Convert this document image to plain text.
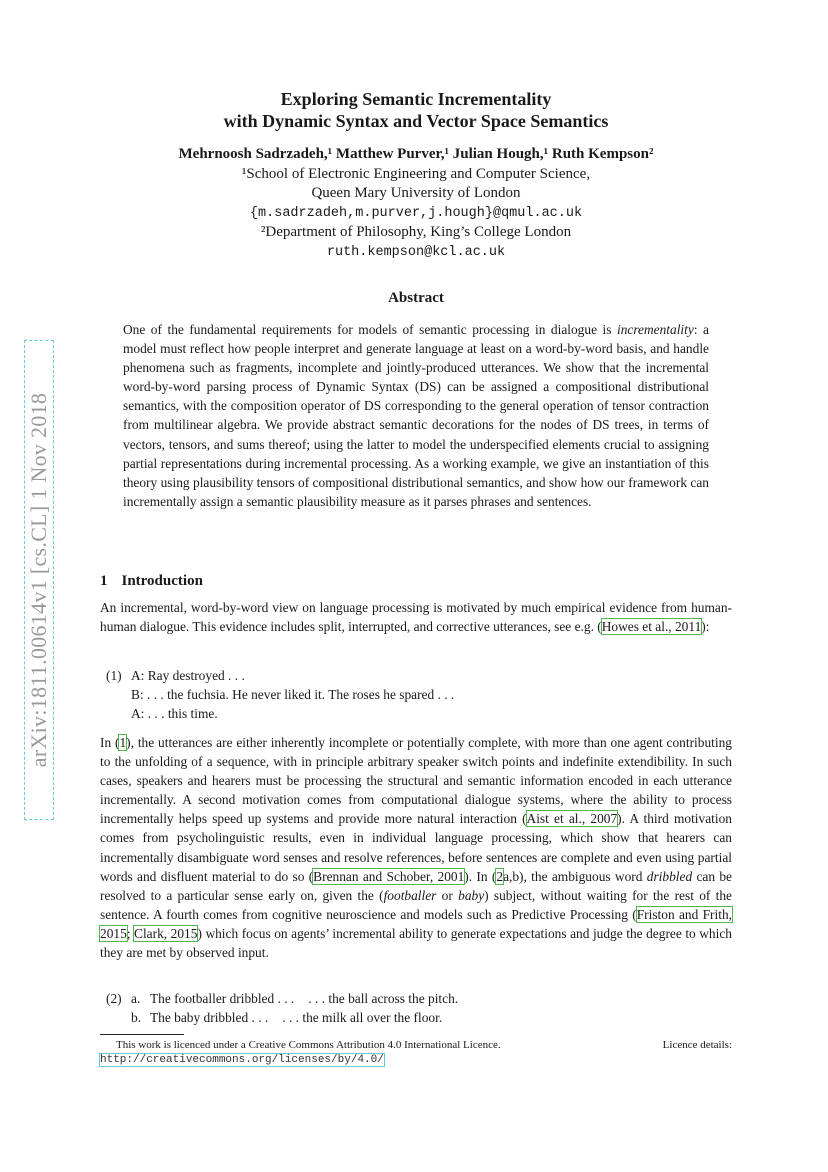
arXiv:1811.00614v1 [cs.CL] 1 Nov 2018
Exploring Semantic Incrementality
with Dynamic Syntax and Vector Space Semantics
Mehrnoosh Sadrzadeh,¹ Matthew Purver,¹ Julian Hough,¹ Ruth Kempson²
¹School of Electronic Engineering and Computer Science,
Queen Mary University of London
{m.sadrzadeh,m.purver,j.hough}@qmul.ac.uk
²Department of Philosophy, King’s College London
ruth.kempson@kcl.ac.uk
Abstract
One of the fundamental requirements for models of semantic processing in dialogue is incrementality: a model must reflect how people interpret and generate language at least on a word-by-word basis, and handle phenomena such as fragments, incomplete and jointly-produced utterances. We show that the incremental word-by-word parsing process of Dynamic Syntax (DS) can be assigned a compositional distributional semantics, with the composition operator of DS corresponding to the general operation of tensor contraction from multilinear algebra. We provide abstract semantic decorations for the nodes of DS trees, in terms of vectors, tensors, and sums thereof; using the latter to model the underspecified elements crucial to assigning partial representations during incremental processing. As a working example, we give an instantiation of this theory using plausibility tensors of compositional distributional semantics, and show how our framework can incrementally assign a semantic plausibility measure as it parses phrases and sentences.
1 Introduction
An incremental, word-by-word view on language processing is motivated by much empirical evidence from human-human dialogue. This evidence includes split, interrupted, and corrective utterances, see e.g. (Howes et al., 2011):
(1) A: Ray destroyed . . .
B: . . . the fuchsia. He never liked it. The roses he spared . . .
A: . . . this time.
In (1), the utterances are either inherently incomplete or potentially complete, with more than one agent contributing to the unfolding of a sequence, with in principle arbitrary speaker switch points and indefinite extendibility. In such cases, speakers and hearers must be processing the structural and semantic information encoded in each utterance incrementally. A second motivation comes from computational dialogue systems, where the ability to process incrementally helps speed up systems and provide more natural interaction (Aist et al., 2007). A third motivation comes from psycholinguistic results, even in individual language processing, which show that hearers can incrementally disambiguate word senses and resolve references, before sentences are complete and even using partial words and disfluent material to do so (Brennan and Schober, 2001). In (2a,b), the ambiguous word dribbled can be resolved to a particular sense early on, given the (footballer or baby) subject, without waiting for the rest of the sentence. A fourth comes from cognitive neuroscience and models such as Predictive Processing (Friston and Frith, 2015; Clark, 2015) which focus on agents’ incremental ability to generate expectations and judge the degree to which they are met by observed input.
(2) a. The footballer dribbled . . . . . . the ball across the pitch.
b. The baby dribbled . . . . . . the milk all over the floor.
This work is licenced under a Creative Commons Attribution 4.0 International Licence.	Licence details:
http://creativecommons.org/licenses/by/4.0/
